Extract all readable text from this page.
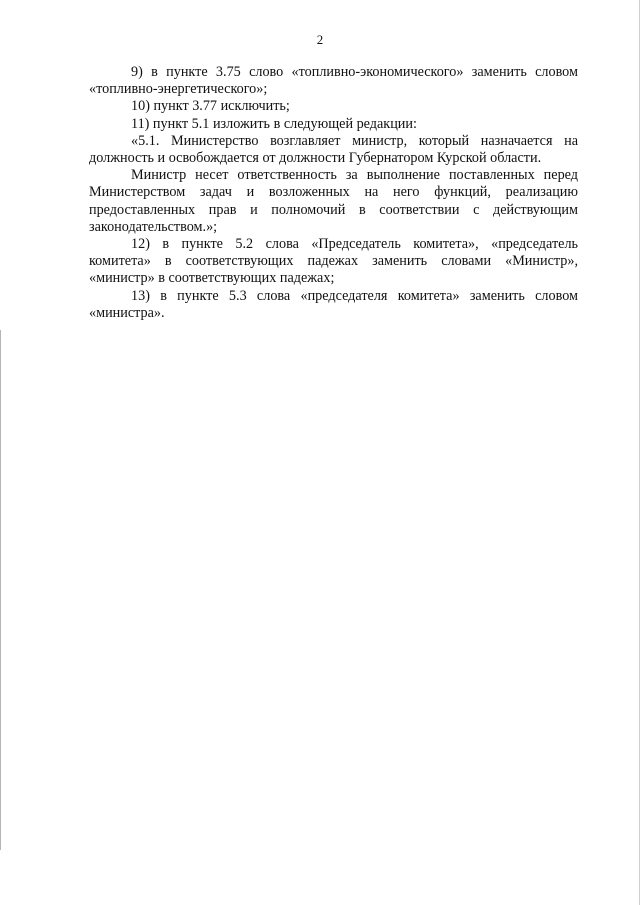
2

9) в пункте 3.75 слово «топливно-экономического» заменить словом «топливно-энергетического»;

10) пункт 3.77 исключить;

11) пункт 5.1 изложить в следующей редакции:

«5.1. Министерство возглавляет министр, который назначается на должность и освобождается от должности Губернатором Курской области.

Министр несет ответственность за выполнение поставленных перед Министерством задач и возложенных на него функций, реализацию предоставленных прав и полномочий в соответствии с действующим законодательством.»;

12) в пункте 5.2 слова «Председатель комитета», «председатель комитета» в соответствующих падежах заменить словами «Министр», «министр» в соответствующих падежах;

13) в пункте 5.3 слова «председателя комитета» заменить словом «министра».
